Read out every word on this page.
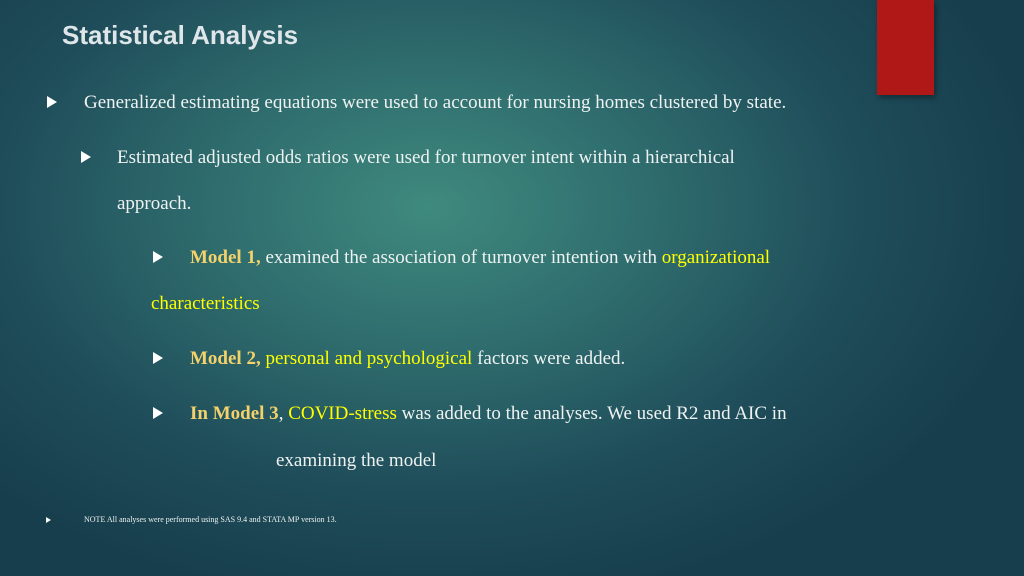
Statistical Analysis
Generalized estimating equations were used to account for nursing homes clustered by state.
Estimated adjusted odds ratios were used for turnover intent within a hierarchical
approach.
Model 1, examined the association of turnover intention with organizational
characteristics
Model 2, personal and psychological factors were added.
In Model 3, COVID-stress was added to the analyses. We used R2 and AIC in
examining the model
NOTE All analyses were performed using SAS 9.4 and STATA MP version 13.
